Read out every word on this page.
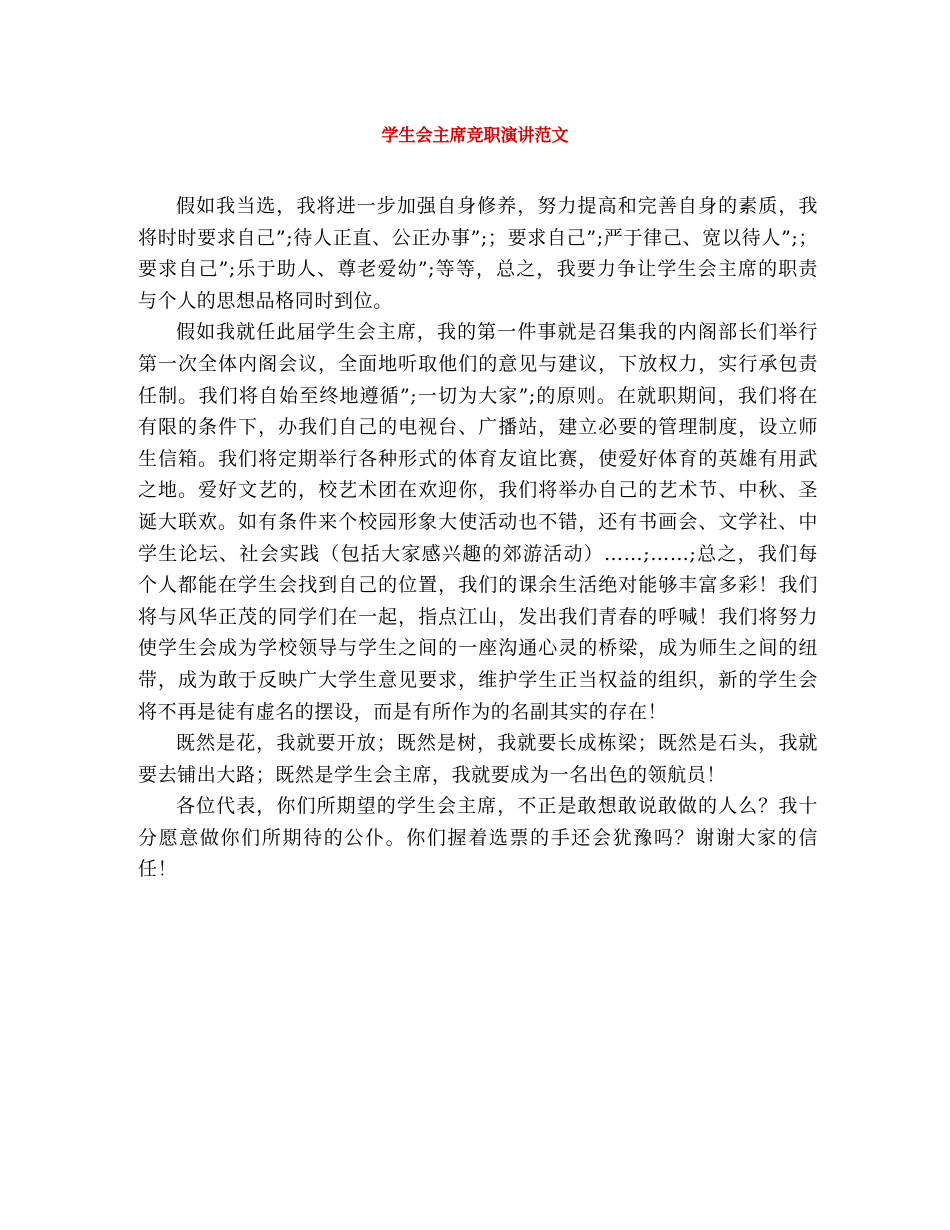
学生会主席竞职演讲范文

假如我当选，我将进一步加强自身修养，努力提高和完善自身的素质，我将时时要求自己”;待人正直、公正办事”;；要求自己”;严于律己、宽以待人”;；要求自己”;乐于助人、尊老爱幼”;等等，总之，我要力争让学生会主席的职责与个人的思想品格同时到位。

假如我就任此届学生会主席，我的第一件事就是召集我的内阁部长们举行第一次全体内阁会议，全面地听取他们的意见与建议，下放权力，实行承包责任制。我们将自始至终地遵循”;一切为大家”;的原则。在就职期间，我们将在有限的条件下，办我们自己的电视台、广播站，建立必要的管理制度，设立师生信箱。我们将定期举行各种形式的体育友谊比赛，使爱好体育的英雄有用武之地。爱好文艺的，校艺术团在欢迎你，我们将举办自己的艺术节、中秋、圣诞大联欢。如有条件来个校园形象大使活动也不错，还有书画会、文学社、中学生论坛、社会实践（包括大家感兴趣的郊游活动）……;……;总之，我们每个人都能在学生会找到自己的位置，我们的课余生活绝对能够丰富多彩！我们将与风华正茂的同学们在一起，指点江山，发出我们青春的呼喊！我们将努力使学生会成为学校领导与学生之间的一座沟通心灵的桥梁，成为师生之间的纽带，成为敢于反映广大学生意见要求，维护学生正当权益的组织，新的学生会将不再是徒有虚名的摆设，而是有所作为的名副其实的存在！

既然是花，我就要开放；既然是树，我就要长成栋梁；既然是石头，我就要去铺出大路；既然是学生会主席，我就要成为一名出色的领航员！

各位代表，你们所期望的学生会主席，不正是敢想敢说敢做的人么？我十分愿意做你们所期待的公仆。你们握着选票的手还会犹豫吗？谢谢大家的信任！
